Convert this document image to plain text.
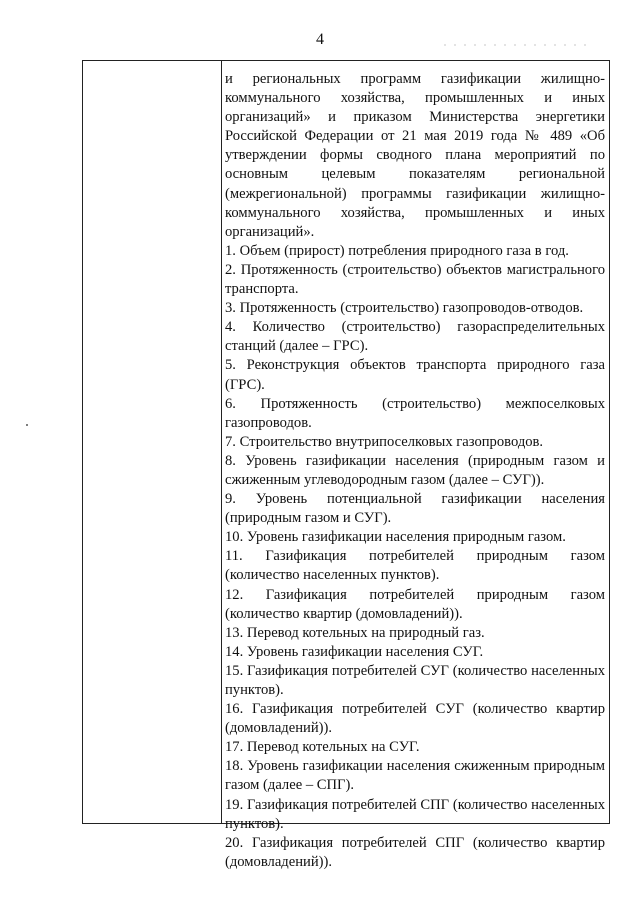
4

и региональных программ газификации жилищно-коммунального хозяйства, промышленных и иных организаций» и приказом Министерства энергетики Российской Федерации от 21 мая 2019 года № 489 «Об утверждении формы сводного плана мероприятий по основным целевым показателям региональной (межрегиональной) программы газификации жилищно-коммунального хозяйства, промышленных и иных организаций».

1. Объем (прирост) потребления природного газа в год.

2. Протяженность (строительство) объектов магистрального транспорта.

3. Протяженность (строительство) газопроводов-отводов.

4. Количество (строительство) газораспределительных станций (далее – ГРС).

5. Реконструкция объектов транспорта природного газа (ГРС).

6. Протяженность (строительство) межпоселковых газопроводов.

7. Строительство внутрипоселковых газопроводов.

8. Уровень газификации населения (природным газом и сжиженным углеводородным газом (далее – СУГ)).

9. Уровень потенциальной газификации населения (природным газом и СУГ).

10. Уровень газификации населения природным газом.

11. Газификация потребителей природным газом (количество населенных пунктов).

12. Газификация потребителей природным газом (количество квартир (домовладений)).

13. Перевод котельных на природный газ.

14. Уровень газификации населения СУГ.

15. Газификация потребителей СУГ (количество населенных пунктов).

16. Газификация потребителей СУГ (количество квартир (домовладений)).

17. Перевод котельных на СУГ.

18. Уровень газификации населения сжиженным природным газом (далее – СПГ).

19. Газификация потребителей СПГ (количество населенных пунктов).

20. Газификация потребителей СПГ (количество квартир (домовладений)).
